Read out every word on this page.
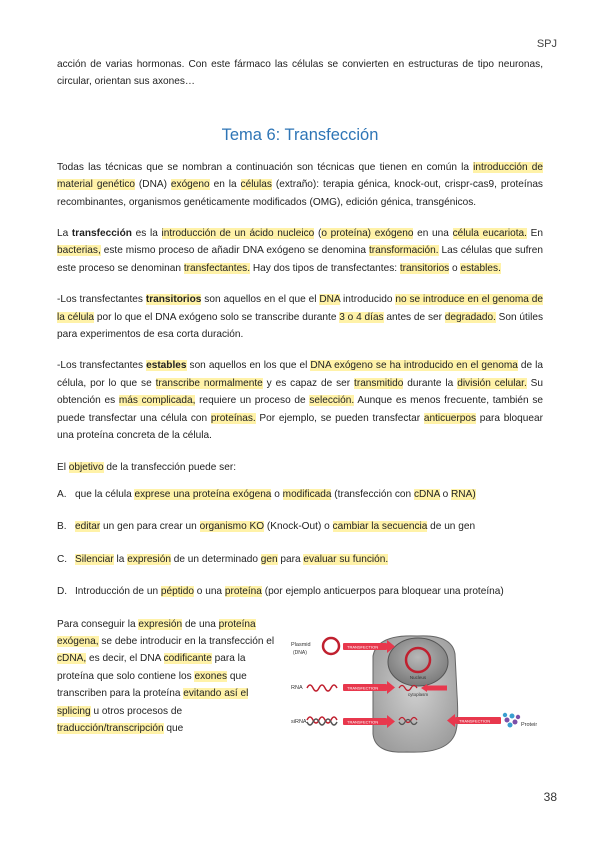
SPJ

acción de varias hormonas. Con este fármaco las células se convierten en estructuras de tipo neuronas, circular, orientan sus axones…

Tema 6: Transfección

Todas las técnicas que se nombran a continuación son técnicas que tienen en común la introducción de material genético (DNA) exógeno en la células (extraño): terapia génica, knock-out, crispr-cas9, proteínas recombinantes, organismos genéticamente modificados (OMG), edición génica, transgénicos.

La transfección es la introducción de un ácido nucleico (o proteína) exógeno en una célula eucariota. En bacterias, este mismo proceso de añadir DNA exógeno se denomina transformación. Las células que sufren este proceso se denominan transfectantes. Hay dos tipos de transfectantes: transitorios o estables.

-Los transfectantes transitorios son aquellos en el que el DNA introducido no se introduce en el genoma de la célula por lo que el DNA exógeno solo se transcribe durante 3 o 4 días antes de ser degradado. Son útiles para experimentos de esa corta duración.

-Los transfectantes estables son aquellos en los que el DNA exógeno se ha introducido en el genoma de la célula, por lo que se transcribe normalmente y es capaz de ser transmitido durante la división celular. Su obtención es más complicada, requiere un proceso de selección. Aunque es menos frecuente, también se puede transfectar una célula con proteínas. Por ejemplo, se pueden transfectar anticuerpos para bloquear una proteína concreta de la célula.

El objetivo de la transfección puede ser:

A. que la célula exprese una proteína exógena o modificada (transfección con cDNA o RNA)
B. editar un gen para crear un organismo KO (Knock-Out) o cambiar la secuencia de un gen
C. Silenciar la expresión de un determinado gen para evaluar su función.
D. Introducción de un péptido o una proteína (por ejemplo anticuerpos para bloquear una proteína)

Para conseguir la expresión de una proteína exógena, se debe introducir en la transfección el cDNA, es decir, el DNA codificante para la proteína que solo contiene los exones que transcriben para la proteína evitando así el splicing u otros procesos de traducción/transcripción que

Nucleus
cytoplasm
Plasmid
(DNA)
TRANSFECTION
RNA	TRANSFECTION
siRNA	TRANSFECTION	TRANSFECTION
Protein
38
